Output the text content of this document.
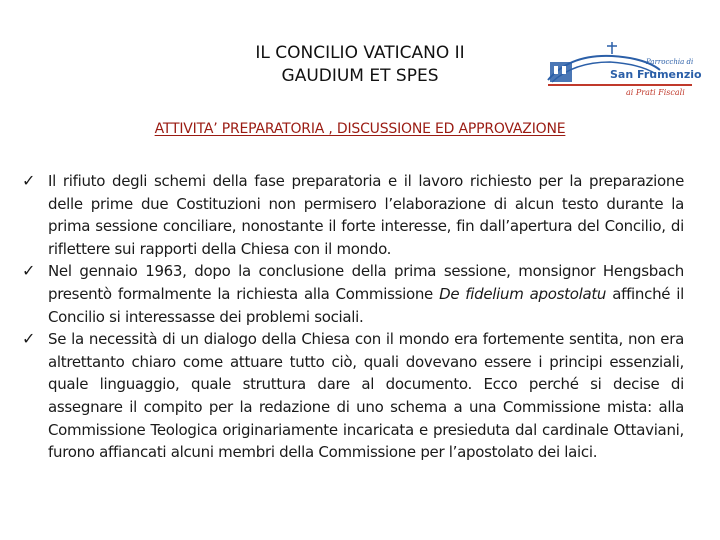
IL CONCILIO VATICANO II
GAUDIUM ET SPES
Parrocchia di
San Frumenzio
ai Prati Fiscali
ATTIVITA’ PREPARATORIA , DISCUSSIONE ED APPROVAZIONE
✓ Il rifiuto degli schemi della fase preparatoria e il lavoro richiesto per la preparazione delle prime due Costituzioni non permisero l’elaborazione di alcun testo durante la prima sessione conciliare, nonostante il forte interesse, fin dall’apertura del Concilio, di riflettere sui rapporti della Chiesa con il mondo.
✓ Nel gennaio 1963, dopo la conclusione della prima sessione, monsignor Hengsbach presentò formalmente la richiesta alla Commissione De fidelium apostolatu affinché il Concilio si interessasse dei problemi sociali.
✓ Se la necessità di un dialogo della Chiesa con il mondo era fortemente sentita, non era altrettanto chiaro come attuare tutto ciò, quali dovevano essere i principi essenziali, quale linguaggio, quale struttura dare al documento. Ecco perché si decise di assegnare il compito per la redazione di uno schema a una Commissione mista: alla Commissione Teologica originariamente incaricata e presieduta dal cardinale Ottaviani, furono affiancati alcuni membri della Commissione per l’apostolato dei laici.
